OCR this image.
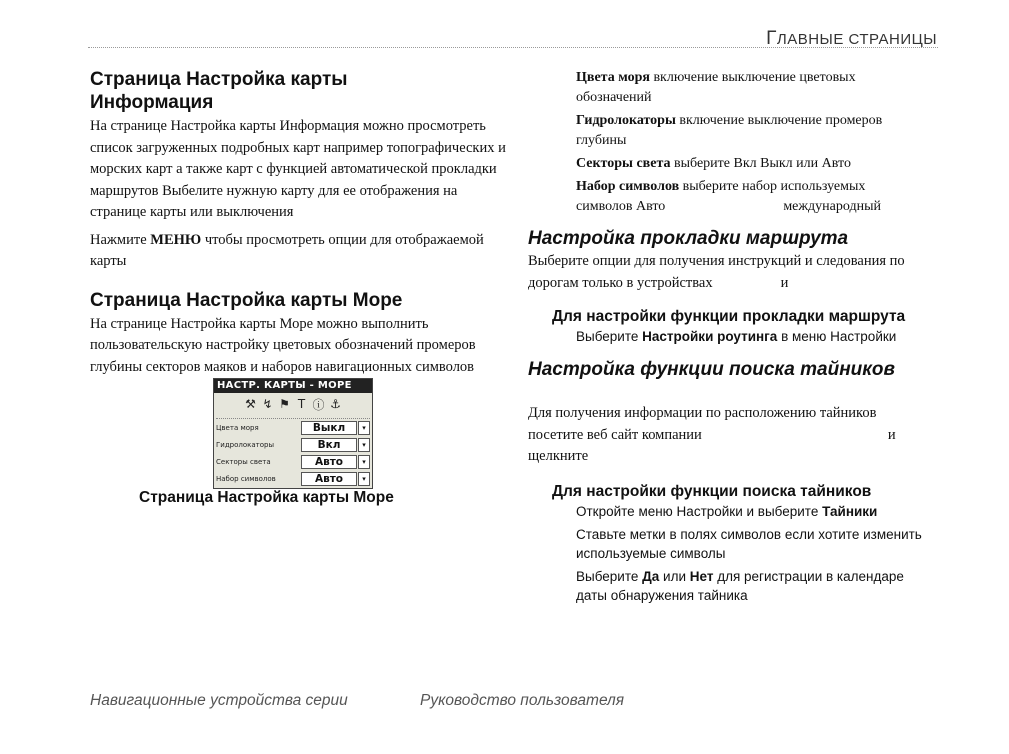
ГЛАВНЫЕ СТРАНИЦЫ
Страница Настройка карты
Информация

На странице Настройка карты Информация можно просмотреть список загруженных подробных карт например топографических и морских карт а также карт с функцией автоматической прокладки маршрутов Выбелите нужную карту для ее отображения на странице карты или выключения

Нажмите МЕНЮ чтобы просмотреть опции для отображаемой карты

Страница Настройка карты Море

На странице Настройка карты Море можно выполнить пользовательскую настройку цветовых обозначений промеров глубины секторов маяков и наборов навигационных символов

НАСТР. КАРТЫ - МОРЕ
⚒ ↯ ⚑ T ⓘ ⚓
Цвета моря	Выкл	▾
Гидролокаторы	Вкл	▾
Секторы света	Авто	▾
Набор символов	Авто	▾
Страница Настройка карты Море
Цвета моря включение выключение цветовых обозначений
Гидролокаторы включение выключение промеров глубины
Секторы света выберите Вкл Выкл или Авто
Набор символов выберите набор используемых
символов Авто	международный
Настройка прокладки маршрута

Выберите опции для получения инструкций и следования по
дорогам только в устройствах	и

Для настройки функции прокладки маршрута

Выберите Настройки роутинга в меню Настройки

Настройка функции поиска тайников

Для получения информации по расположению тайников
посетите веб сайт компании	и
щелкните

Для настройки функции поиска тайников

Откройте меню Настройки и выберите Тайники

Ставьте метки в полях символов если хотите изменить используемые символы

Выберите Да или Нет для регистрации в календаре даты обнаружения тайника

Навигационные устройства серии	Руководство пользователя
